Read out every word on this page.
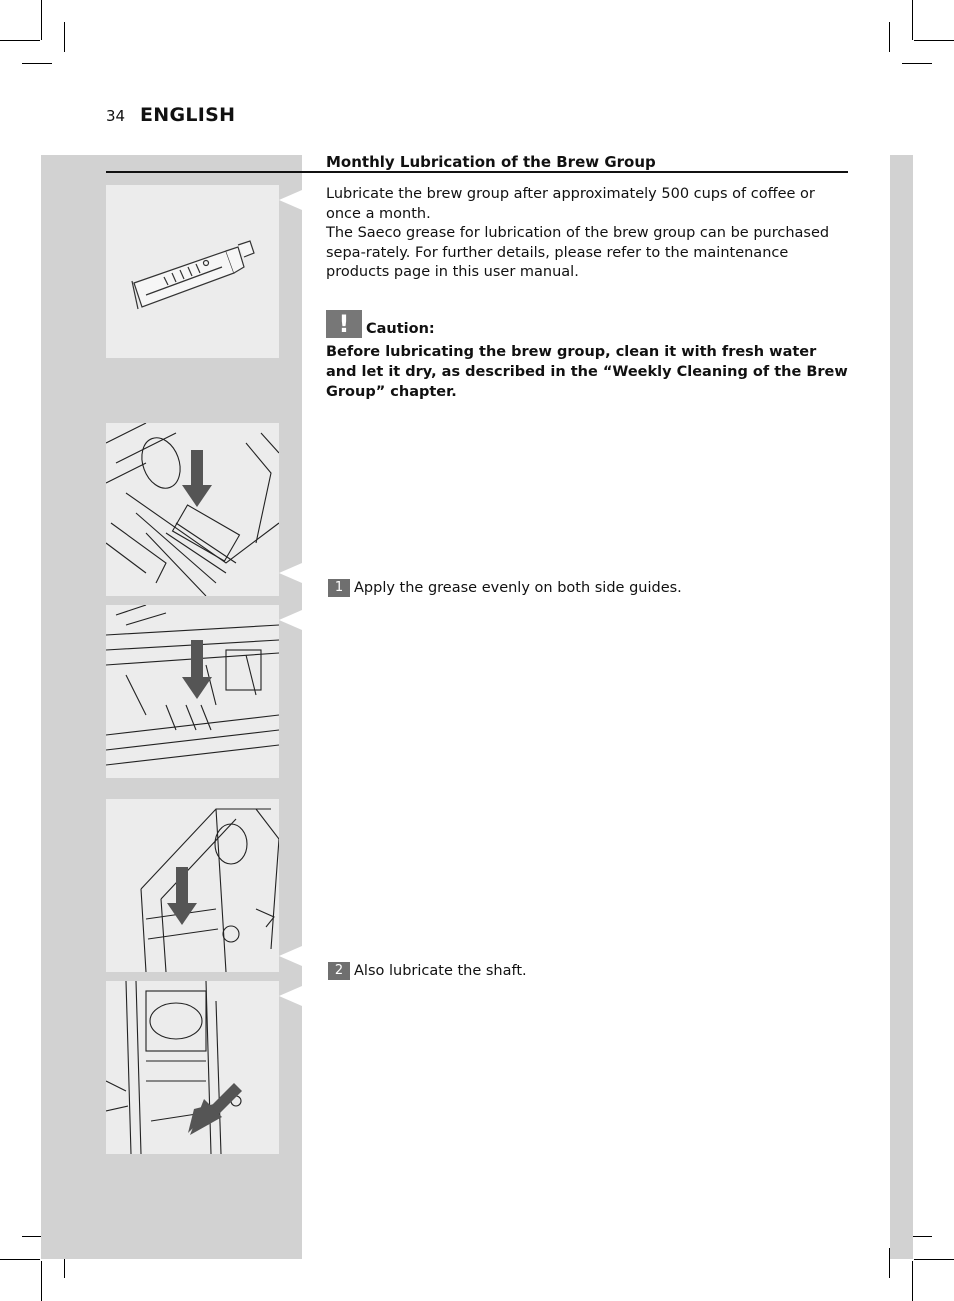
34 ENGLISH
Monthly Lubrication of the Brew Group

Lubricate the brew group after approximately 500 cups of coffee or once a month.

The Saeco grease for lubrication of the brew group can be purchased sepa-rately. For further details, please refer to the maintenance products page in this user manual.

!	Caution:

Before lubricating the brew group, clean it with fresh water and let it dry, as described in the “Weekly Cleaning of the Brew Group” chapter.

1 Apply the grease evenly on both side guides.
2 Also lubricate the shaft.
